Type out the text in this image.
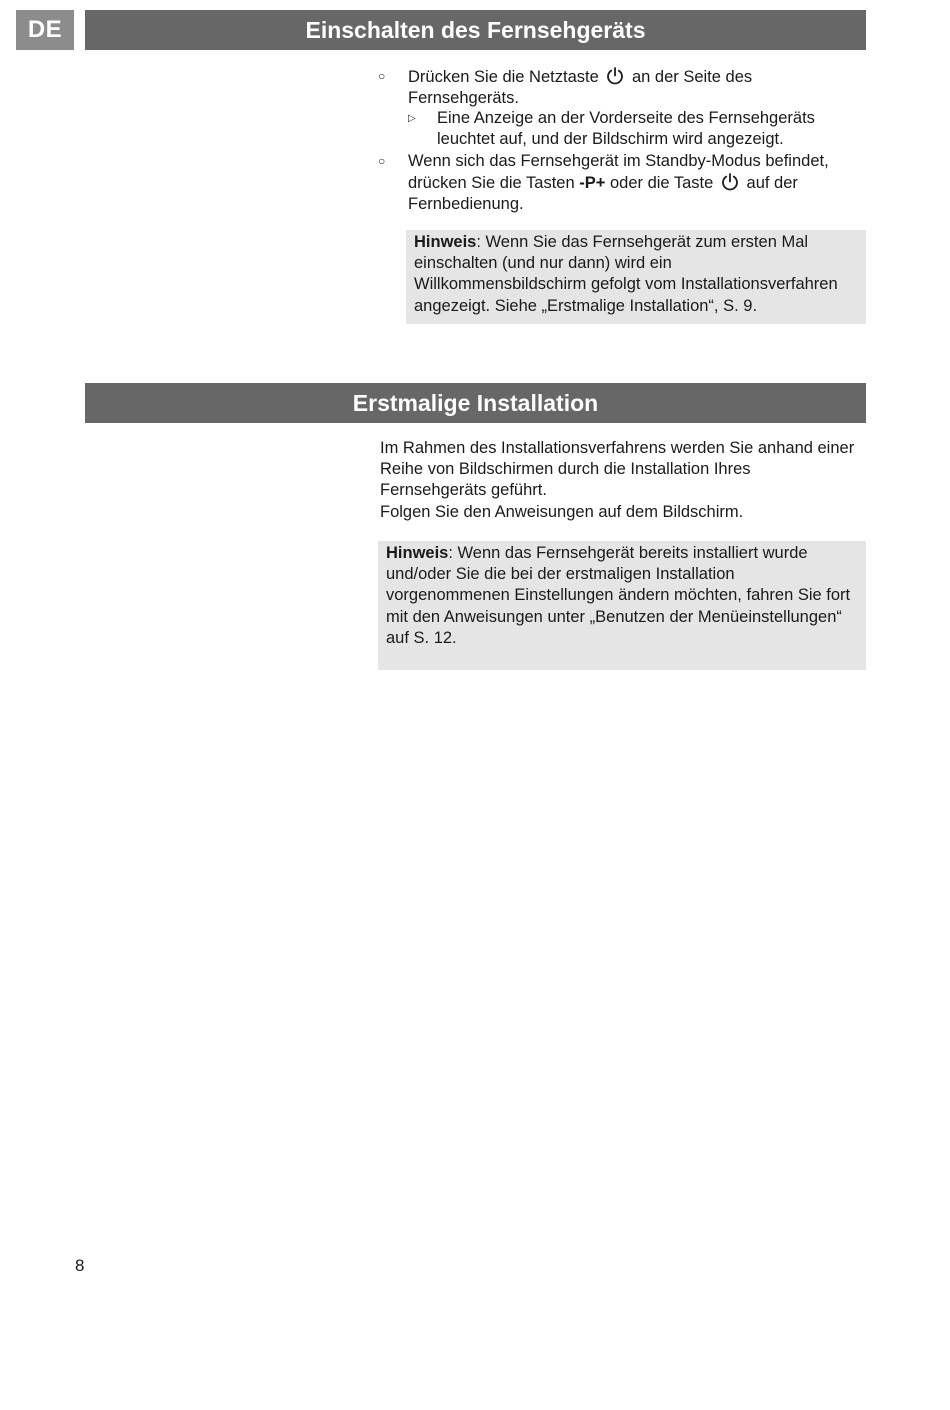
DE	Einschalten des Fernsehgeräts
○ Drücken Sie die Netztaste an der Seite des
Fernsehgeräts.
▷ Eine Anzeige an der Vorderseite des Fernsehgeräts
leuchtet auf, und der Bildschirm wird angezeigt.
○ Wenn sich das Fernsehgerät im Standby-Modus befindet,
drücken Sie die Tasten -P+ oder die Taste auf der
Fernbedienung.
Hinweis: Wenn Sie das Fernsehgerät zum ersten Mal
einschalten (und nur dann) wird ein
Willkommensbildschirm gefolgt vom Installationsverfahren
angezeigt. Siehe „Erstmalige Installation“, S. 9.
Erstmalige Installation
Im Rahmen des Installationsverfahrens werden Sie anhand einer
Reihe von Bildschirmen durch die Installation Ihres
Fernsehgeräts geführt.
Folgen Sie den Anweisungen auf dem Bildschirm.
Hinweis: Wenn das Fernsehgerät bereits installiert wurde
und/oder Sie die bei der erstmaligen Installation
vorgenommenen Einstellungen ändern möchten, fahren Sie fort
mit den Anweisungen unter „Benutzen der Menüeinstellungen“
auf S. 12.
8
